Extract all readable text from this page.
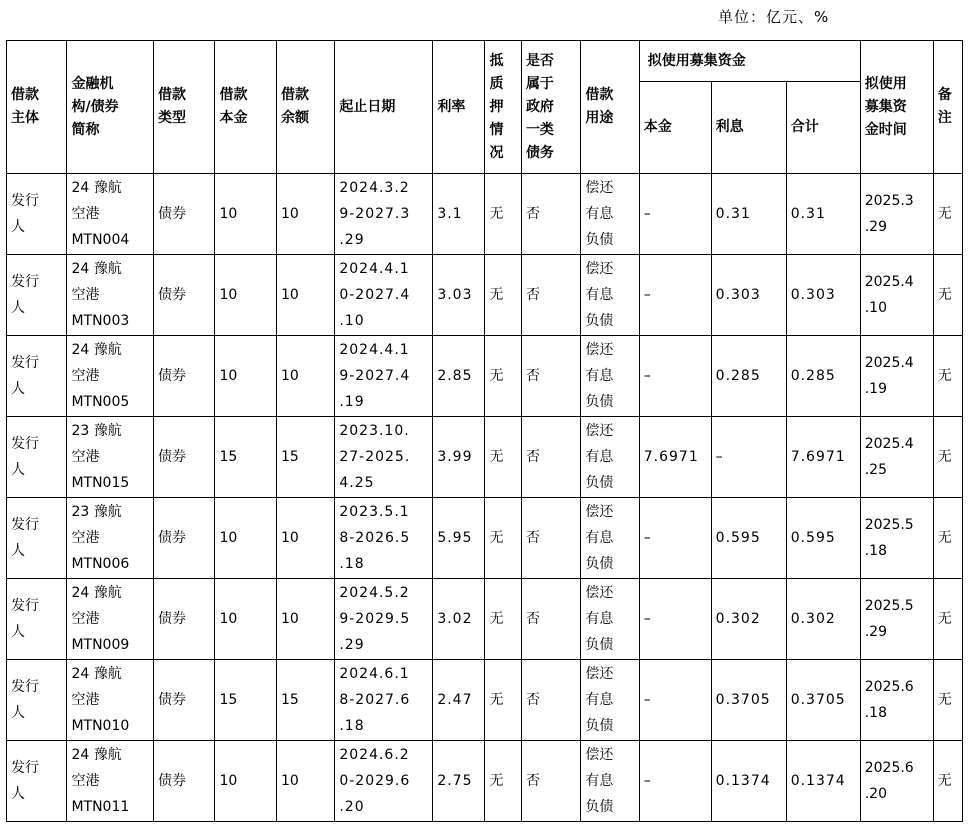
单位：亿元、%
借款
主体	金融机
构/债券
简称	借款
类型	借款
本金	借款
余额	起止日期	利率	抵
质
押
情
况	是否
属于
政府
一类
债务	借款
用途	拟使用募集资金			拟使用
募集资
金时间	备
注
										本金	利息	合计		
发行
人	24 豫航
空港
MTN004	债券	10	10	2024.3.2
9-2027.3
.29	3.1	无	否	偿还
有息
负债	–	0.31	0.31	2025.3
.29	无
发行
人	24 豫航
空港
MTN003	债券	10	10	2024.4.1
0-2027.4
.10	3.03	无	否	偿还
有息
负债	–	0.303	0.303	2025.4
.10	无
发行
人	24 豫航
空港
MTN005	债券	10	10	2024.4.1
9-2027.4
.19	2.85	无	否	偿还
有息
负债	–	0.285	0.285	2025.4
.19	无
发行
人	23 豫航
空港
MTN015	债券	15	15	2023.10.
27-2025.
4.25	3.99	无	否	偿还
有息
负债	7.6971	–	7.6971	2025.4
.25	无
发行
人	23 豫航
空港
MTN006	债券	10	10	2023.5.1
8-2026.5
.18	5.95	无	否	偿还
有息
负债	–	0.595	0.595	2025.5
.18	无
发行
人	24 豫航
空港
MTN009	债券	10	10	2024.5.2
9-2029.5
.29	3.02	无	否	偿还
有息
负债	–	0.302	0.302	2025.5
.29	无
发行
人	24 豫航
空港
MTN010	债券	15	15	2024.6.1
8-2027.6
.18	2.47	无	否	偿还
有息
负债	–	0.3705	0.3705	2025.6
.18	无
发行
人	24 豫航
空港
MTN011	债券	10	10	2024.6.2
0-2029.6
.20	2.75	无	否	偿还
有息
负债	–	0.1374	0.1374	2025.6
.20	无
